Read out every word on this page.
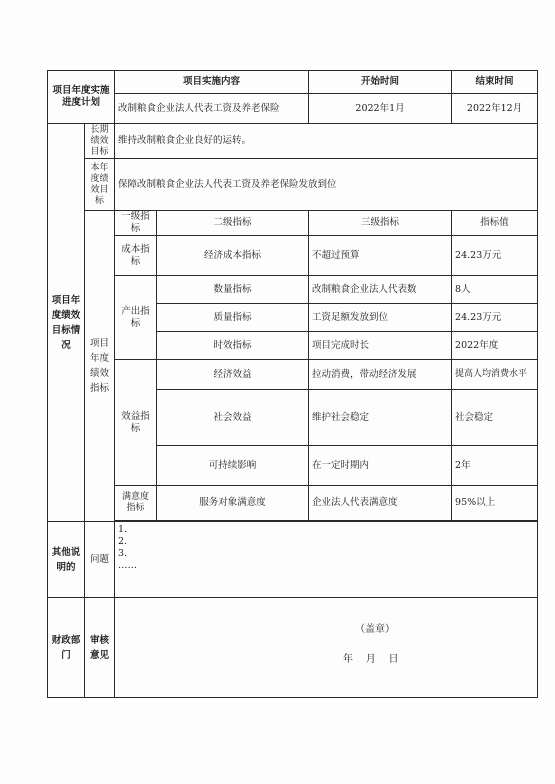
项目年度实施进度计划		项目实施内容		开始时间	结束时间
		改制粮食企业法人代表工资及养老保险		2022年1月	2022年12月
项目年度绩效目标情况	长期绩效目标	维持改制粮食企业良好的运转。			
	本年度绩效目标	保障改制粮食企业法人代表工资及养老保险发放到位			
	项目年度绩效指标	一级指标	二级指标	三级指标	指标值
		成本指标	经济成本指标	不超过预算	24.23万元
		产出指标	数量指标	改制粮食企业法人代表数	8人
			质量指标	工资足额发放到位	24.23万元
			时效指标	项目完成时长	2022年度
		效益指标	经济效益	拉动消费，带动经济发展	提高人均消费水平
			社会效益	维护社会稳定	社会稳定
			可持续影响	在一定时期内	2年
		满意度指标	服务对象满意度	企业法人代表满意度	95%以上

其他说明的	问题	1.
2.
3.
……			

财政部门	审核意见	（盖章）
年    月    日			
